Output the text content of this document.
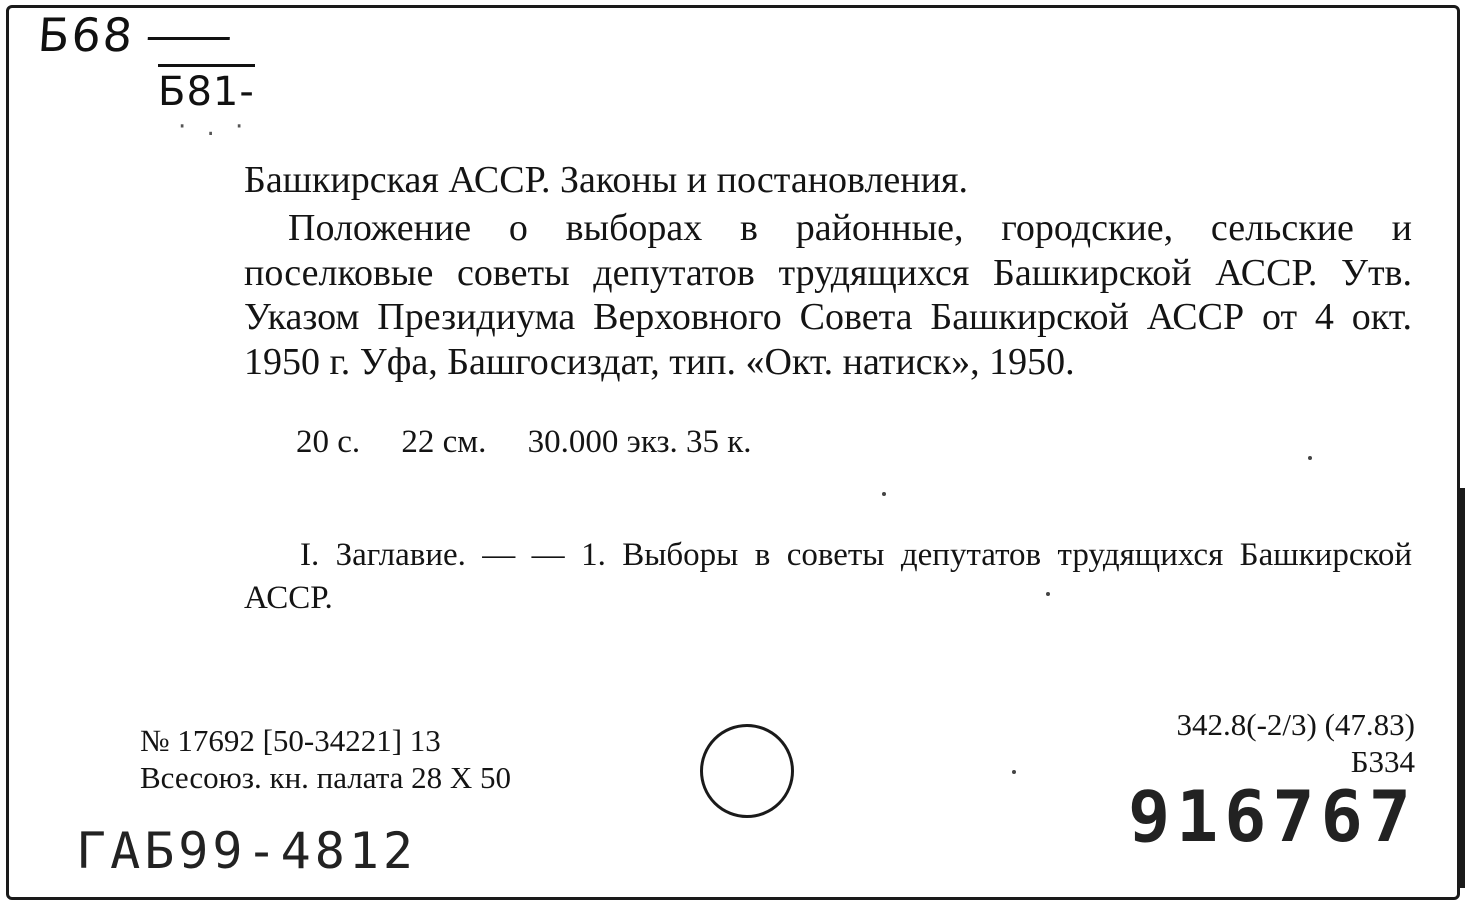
Б68
Б81-
· . ·
Башкирская АССР. Законы и постановления.
Положение о выборах в районные, городские, сельские и поселковые советы депутатов трудящихся Башкирской АССР. Утв. Указом Президиума Верховного Совета Башкирской АССР от 4 окт. 1950 г. Уфа, Башгосиздат, тип. «Окт. натиск», 1950.
20 с.     22 см.     30.000 экз. 35 к.
I. Заглавие. — — 1. Выборы в советы депутатов трудящихся Башкирской АССР.
№ 17692 [50-34221] 13
Всесоюз. кн. палата 28 Х 50
342.8(-2/3) (47.83)
Б334
916767
ГАБ99-4812
